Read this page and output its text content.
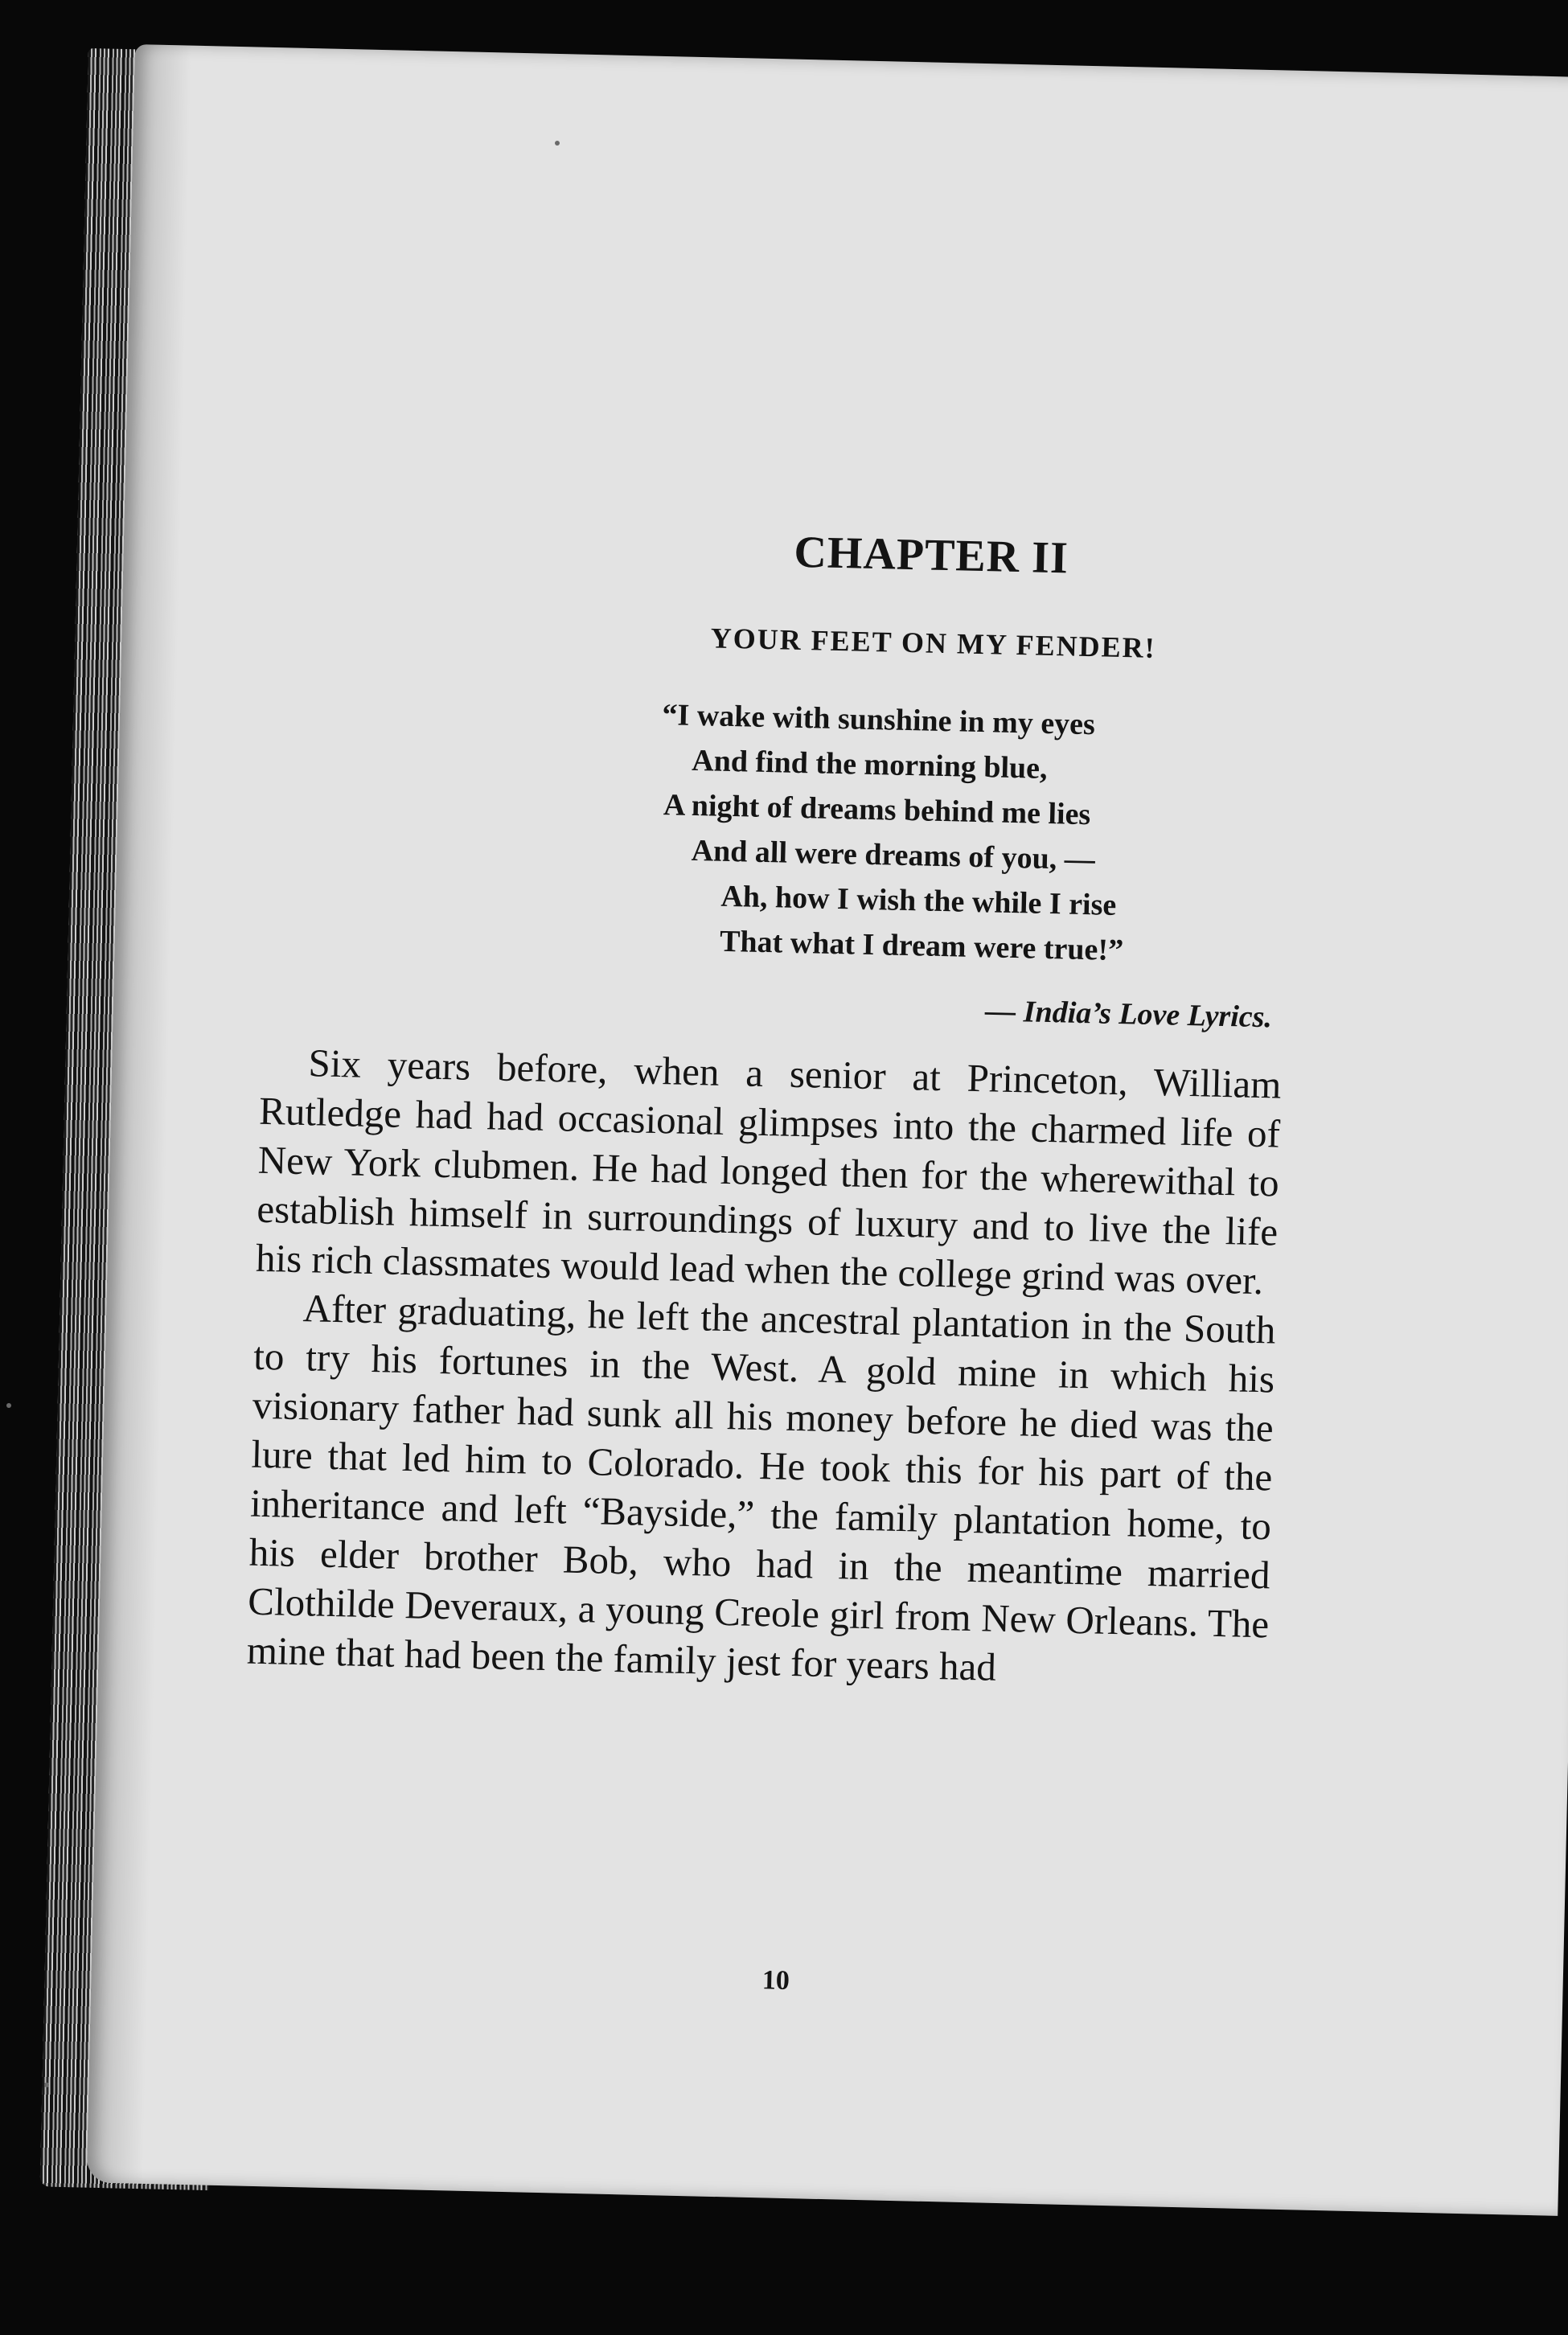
CHAPTER II
YOUR FEET ON MY FENDER!
“I wake with sunshine in my eyes
And find the morning blue,
A night of dreams behind me lies
And all were dreams of you, —
Ah, how I wish the while I rise
That what I dream were true!”
— India’s Love Lyrics.

Six years before, when a senior at Princeton, William Rutledge had had occasional glimpses into the charmed life of New York clubmen. He had longed then for the wherewithal to establish himself in surroundings of luxury and to live the life his rich classmates would lead when the college grind was over.

After graduating, he left the ancestral plantation in the South to try his fortunes in the West. A gold mine in which his visionary father had sunk all his money before he died was the lure that led him to Colorado. He took this for his part of the inheritance and left “Bayside,” the family plantation home, to his elder brother Bob, who had in the meantime married Clothilde Deveraux, a young Creole girl from New Orleans. The mine that had been the family jest for years had

10
